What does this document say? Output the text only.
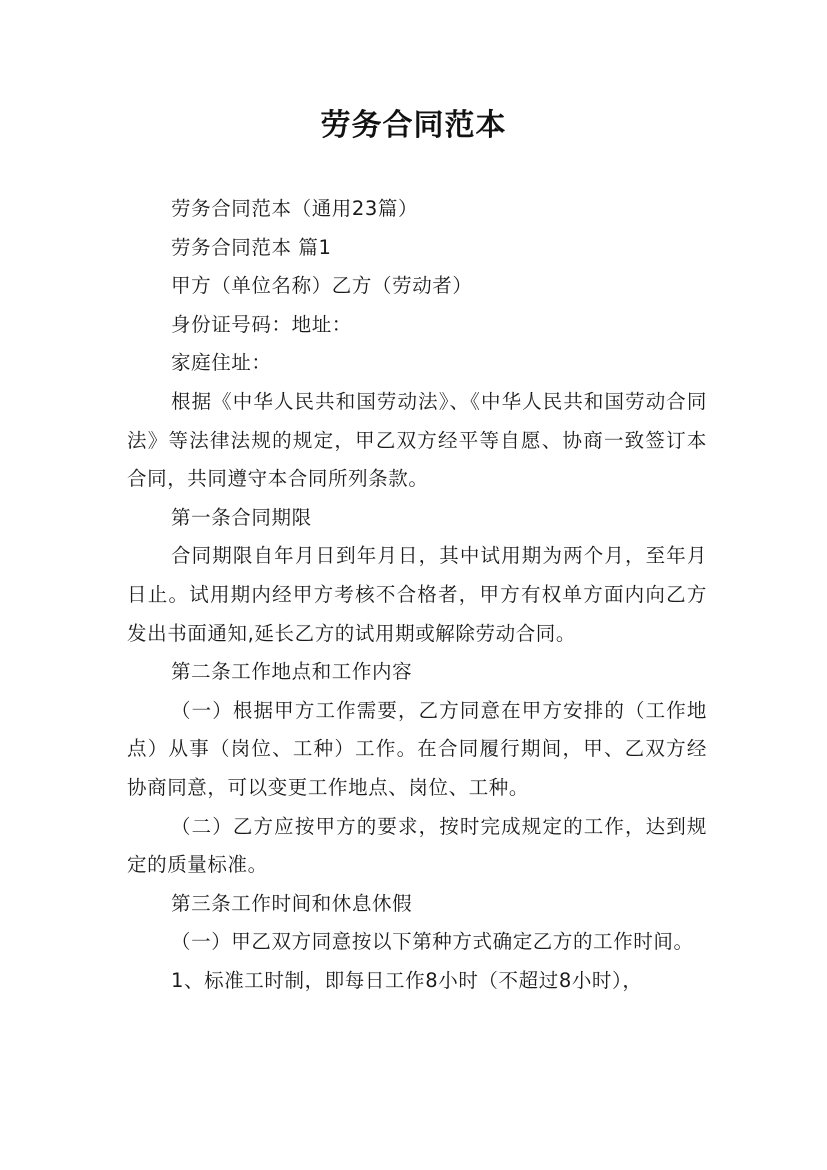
劳务合同范本

劳务合同范本（通用23篇）

劳务合同范本 篇1

甲方（单位名称）乙方（劳动者）

身份证号码：地址：

家庭住址：

根据《中华人民共和国劳动法》、《中华人民共和国劳动合同法》等法律法规的规定，甲乙双方经平等自愿、协商一致签订本合同，共同遵守本合同所列条款。

第一条合同期限

合同期限自年月日到年月日，其中试用期为两个月，至年月日止。试用期内经甲方考核不合格者，甲方有权单方面内向乙方发出书面通知,延长乙方的试用期或解除劳动合同。

第二条工作地点和工作内容

（一）根据甲方工作需要，乙方同意在甲方安排的（工作地点）从事（岗位、工种）工作。在合同履行期间，甲、乙双方经协商同意，可以变更工作地点、岗位、工种。

（二）乙方应按甲方的要求，按时完成规定的工作，达到规定的质量标准。

第三条工作时间和休息休假

（一）甲乙双方同意按以下第种方式确定乙方的工作时间。

1、标准工时制，即每日工作8小时（不超过8小时），
